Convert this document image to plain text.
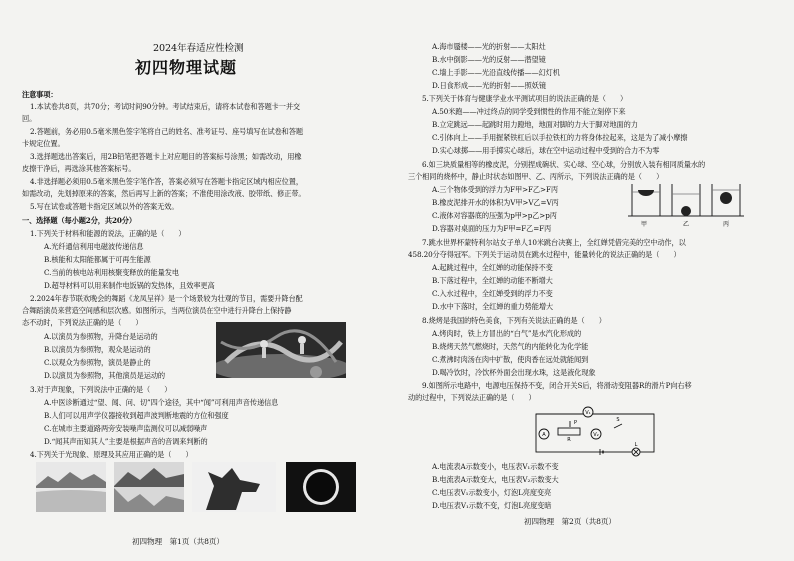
2024年春适应性检测
初四物理试题
注意事项：
1.本试卷共8页，共70分；考试时间90分钟。考试结束后，请将本试卷和答题卡一并交
回。
2.答题前，务必用0.5毫米黑色签字笔将自己的姓名、准考证号、座号填写在试卷和答题
卡规定位置。
3.选择题选出答案后，用2B铅笔把答题卡上对应题目的答案标号涂黑；如需改动，用橡
皮擦干净后，再选涂其他答案标号。
4.非选择题必须用0.5毫米黑色签字笔作答，答案必须写在答题卡指定区域内相应位置，
如需改动，先划掉原来的答案，然后再写上新的答案；不准使用涂改液、胶带纸、修正带。
5.写在试卷或答题卡指定区域以外的答案无效。
一、选择题（每小题2分，共20分）
1.下列关于材料和能源的说法，正确的是（　　）
A.光纤通信利用电磁波传递信息
B.核能和太阳能都属于可再生能源
C.当前的核电站利用核聚变释放的能量发电
D.超导材料可以用来制作电饭锅的发热体，且效率更高
2.2024年春节联欢晚会的舞蹈《龙凤呈祥》是一个场景较为壮观的节目，需要升降台配
合舞蹈演员来营造空间感和层次感。如图所示，当两位演员在空中进行升降台上保持静
态不动时，下列说法正确的是（　　）
A.以演员为参照物，升降台是运动的
B.以演员为参照物，观众是运动的
C.以观众为参照物，演员是静止的
D.以演员为参照物，其他演员是运动的
3.对于声现象，下列说法中正确的是（　　）
A.中医诊断通过“望、闻、问、切”四个途径，其中“闻”可利用声音传递信息
B.人们可以用声学仪器接收到超声波判断地震的方位和强度
C.在城市主要道路两旁安装噪声监测仪可以减弱噪声
D.“闻其声而知其人”主要是根据声音的音调来判断的
4.下列关于光现象、原理及其应用正确的是（　　）
初四物理　第1页（共8页）
A.海市蜃楼——光的折射——太阳灶
B.水中倒影——光的反射——潜望镜
C.墙上手影——光沿直线传播——幻灯机
D.日食形成——光的折射——照妖镜
5.下列关于体育与健康学业水平测试项目的说法正确的是（　　）
A.50米跑——冲过终点的同学受到惯性的作用不能立刻停下来
B.立定跳远——起跳时用力蹬地，地面对脚的力大于脚对地面的力
C.引体向上——手用握紧铁杠后以手拉铁杠的力将身体拉起来，这是为了减小摩擦
D.实心球掷——用手掷实心球后，球在空中运动过程中受到的合力不为零
6.如三块质量相等的橡皮泥，分别捏成碗状、实心球、空心球，分别放入装有相同质量水的
三个相同的烧杯中，静止时状态如图甲、乙、丙所示，下列说法正确的是（　　）
A.三个物体受到的浮力为F甲>F乙>F丙
B.橡皮泥排开水的体积为V甲>V乙=V丙
C.液体对容器底的压强为p甲>p乙>p丙
D.容器对桌面的压力为F甲=F乙=F丙	甲	乙	丙
7.跳水世界杯蒙特利尔站女子单人10米跳台决赛上，全红婵凭借完美的空中动作，以
458.20分夺得冠军。下列关于运动员在跳水过程中，能量转化的说法正确的是（　　）
A.起跳过程中，全红婵的动能保持不变
B.下落过程中，全红婵的动能不断增大
C.入水过程中，全红婵受到的浮力不变
D.水中下落时，全红婵的重力势能增大
8.烧烤是我国的特色美食，下列有关说法正确的是（　　）
A.烤肉时，铁上方冒出的“白气”是水汽化形成的
B.烧烤天然气燃烧时，天然气的内能转化为化学能
C.煮沸时肉汤在肉中扩散，使肉香在远处就能闻到
D.喝冷饮时，冷饮杯外面会出现水珠，这是液化现象
9.如图所示电路中，电源电压保持不变，闭合开关S后，将滑动变阻器R的滑片P向右移
动的过程中，下列说法正确的是（　　）
V₁
A
R
P
V₂
S
L
A.电流表A示数变小，电压表V₁示数不变
B.电流表A示数变大，电压表V₂示数变大
C.电压表V₁示数变小，灯泡L亮度变亮
D.电压表V₁示数不变，灯泡L亮度变暗
初四物理　第2页（共8页）
